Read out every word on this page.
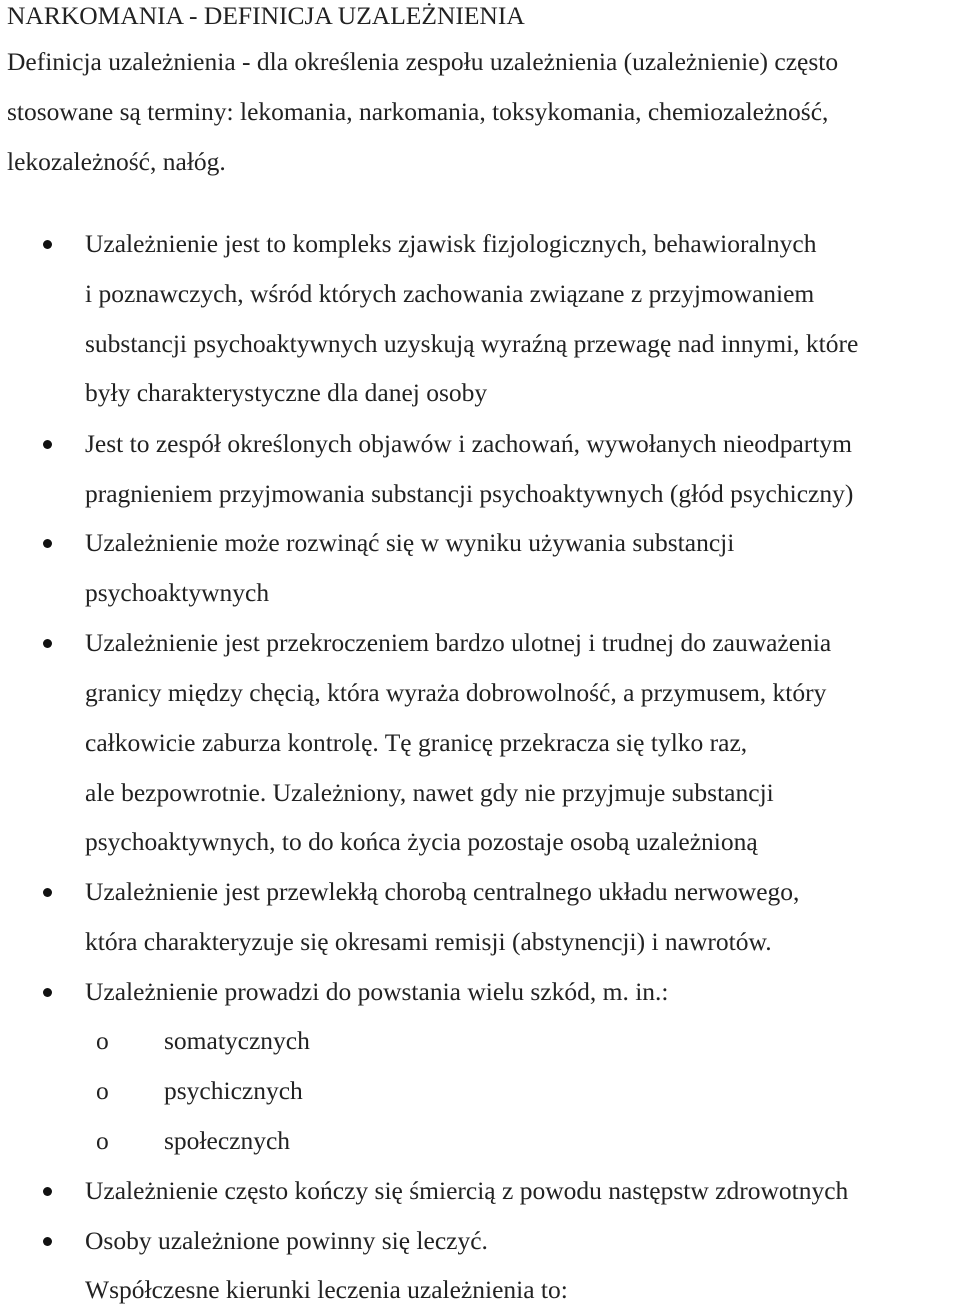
NARKOMANIA - DEFINICJA UZALEŻNIENIA
Definicja uzależnienia - dla określenia zespołu uzależnienia (uzależnienie) często
stosowane są terminy: lekomania, narkomania, toksykomania, chemiozależność,
lekozależność, nałóg.
Uzależnienie jest to kompleks zjawisk fizjologicznych, behawioralnych
i poznawczych, wśród których zachowania związane z przyjmowaniem
substancji psychoaktywnych uzyskują wyraźną przewagę nad innymi, które
były charakterystyczne dla danej osoby
Jest to zespół określonych objawów i zachowań, wywołanych nieodpartym
pragnieniem przyjmowania substancji psychoaktywnych (głód psychiczny)
Uzależnienie może rozwinąć się w wyniku używania substancji
psychoaktywnych
Uzależnienie jest przekroczeniem bardzo ulotnej i trudnej do zauważenia
granicy między chęcią, która wyraża dobrowolność, a przymusem, który
całkowicie zaburza kontrolę. Tę granicę przekracza się tylko raz,
ale bezpowrotnie. Uzależniony, nawet gdy nie przyjmuje substancji
psychoaktywnych, to do końca życia pozostaje osobą uzależnioną
Uzależnienie jest przewlekłą chorobą centralnego układu nerwowego,
która charakteryzuje się okresami remisji (abstynencji) i nawrotów.
Uzależnienie prowadzi do powstania wielu szkód, m. in.:
o somatycznych
o psychicznych
o społecznych
Uzależnienie często kończy się śmiercią z powodu następstw zdrowotnych
Osoby uzależnione powinny się leczyć.
Współczesne kierunki leczenia uzależnienia to:
